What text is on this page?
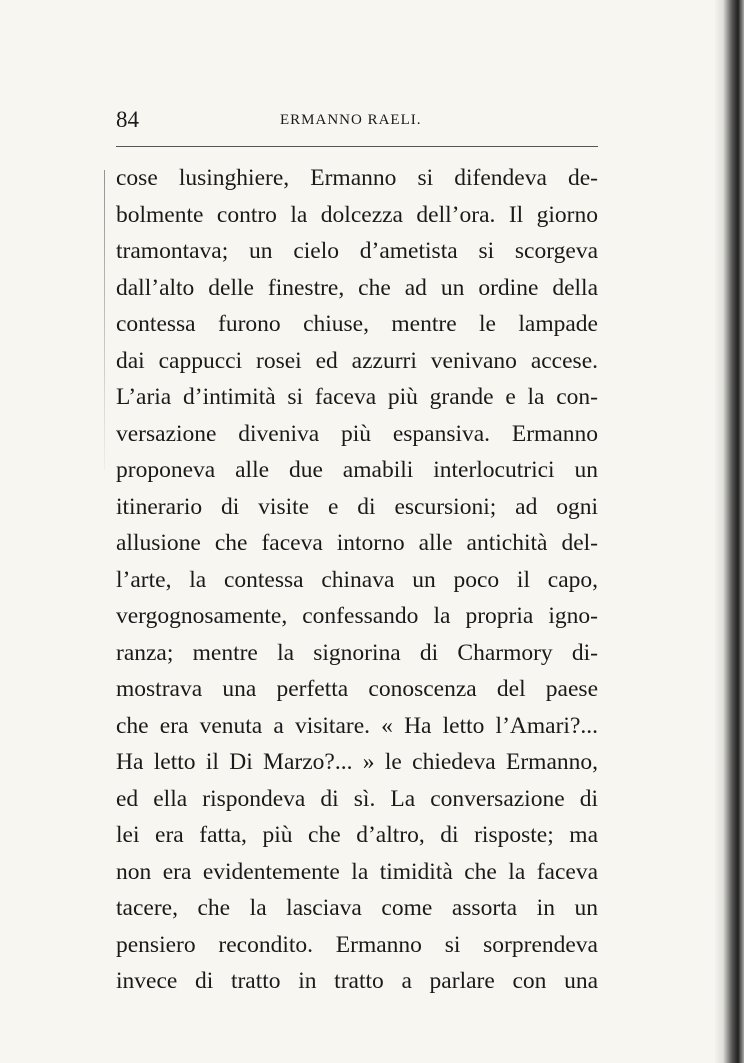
84	ERMANNO RAELI.
cose lusinghiere, Ermanno si difendeva de-
bolmente contro la dolcezza dell’ora. Il giorno
tramontava; un cielo d’ametista si scorgeva
dall’alto delle finestre, che ad un ordine della
contessa furono chiuse, mentre le lampade
dai cappucci rosei ed azzurri venivano accese.
L’aria d’intimità si faceva più grande e la con-
versazione diveniva più espansiva. Ermanno
proponeva alle due amabili interlocutrici un
itinerario di visite e di escursioni; ad ogni
allusione che faceva intorno alle antichità del-
l’arte, la contessa chinava un poco il capo,
vergognosamente, confessando la propria igno-
ranza; mentre la signorina di Charmory di-
mostrava una perfetta conoscenza del paese
che era venuta a visitare. « Ha letto l’Amari?...
Ha letto il Di Marzo?... » le chiedeva Ermanno,
ed ella rispondeva di sì. La conversazione di
lei era fatta, più che d’altro, di risposte; ma
non era evidentemente la timidità che la faceva
tacere, che la lasciava come assorta in un
pensiero recondito. Ermanno si sorprendeva
invece di tratto in tratto a parlare con una
